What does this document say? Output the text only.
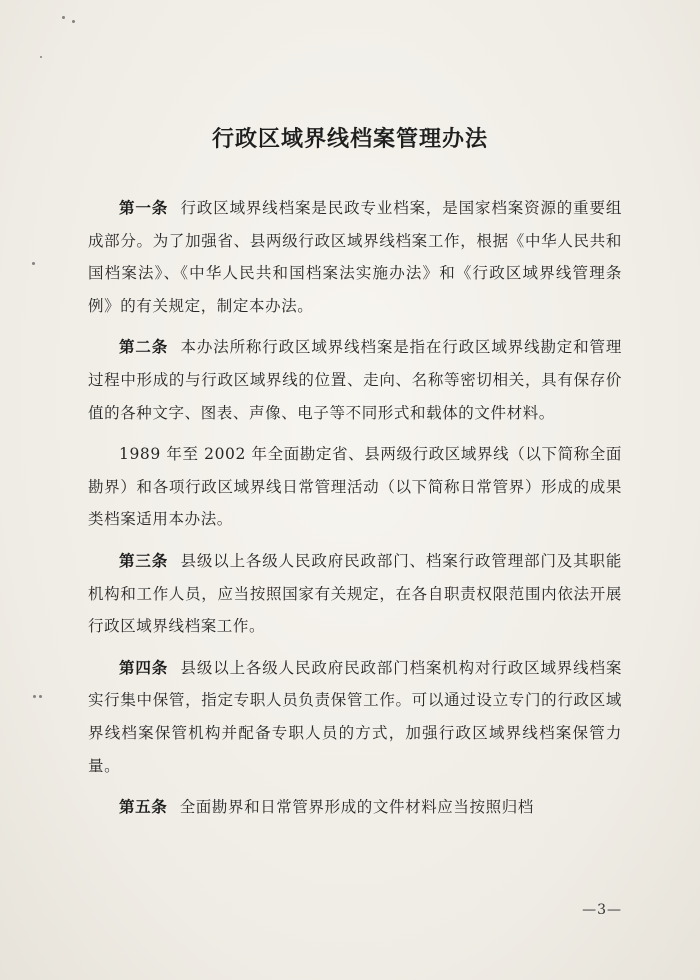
行政区域界线档案管理办法

第一条 行政区域界线档案是民政专业档案，是国家档案资源的重要组成部分。为了加强省、县两级行政区域界线档案工作，根据《中华人民共和国档案法》、《中华人民共和国档案法实施办法》和《行政区域界线管理条例》的有关规定，制定本办法。

第二条 本办法所称行政区域界线档案是指在行政区域界线勘定和管理过程中形成的与行政区域界线的位置、走向、名称等密切相关，具有保存价值的各种文字、图表、声像、电子等不同形式和载体的文件材料。

1989 年至 2002 年全面勘定省、县两级行政区域界线（以下简称全面勘界）和各项行政区域界线日常管理活动（以下简称日常管界）形成的成果类档案适用本办法。

第三条 县级以上各级人民政府民政部门、档案行政管理部门及其职能机构和工作人员，应当按照国家有关规定，在各自职责权限范围内依法开展行政区域界线档案工作。

第四条 县级以上各级人民政府民政部门档案机构对行政区域界线档案实行集中保管，指定专职人员负责保管工作。可以通过设立专门的行政区域界线档案保管机构并配备专职人员的方式，加强行政区域界线档案保管力量。

第五条 全面勘界和日常管界形成的文件材料应当按照归档

—3—
